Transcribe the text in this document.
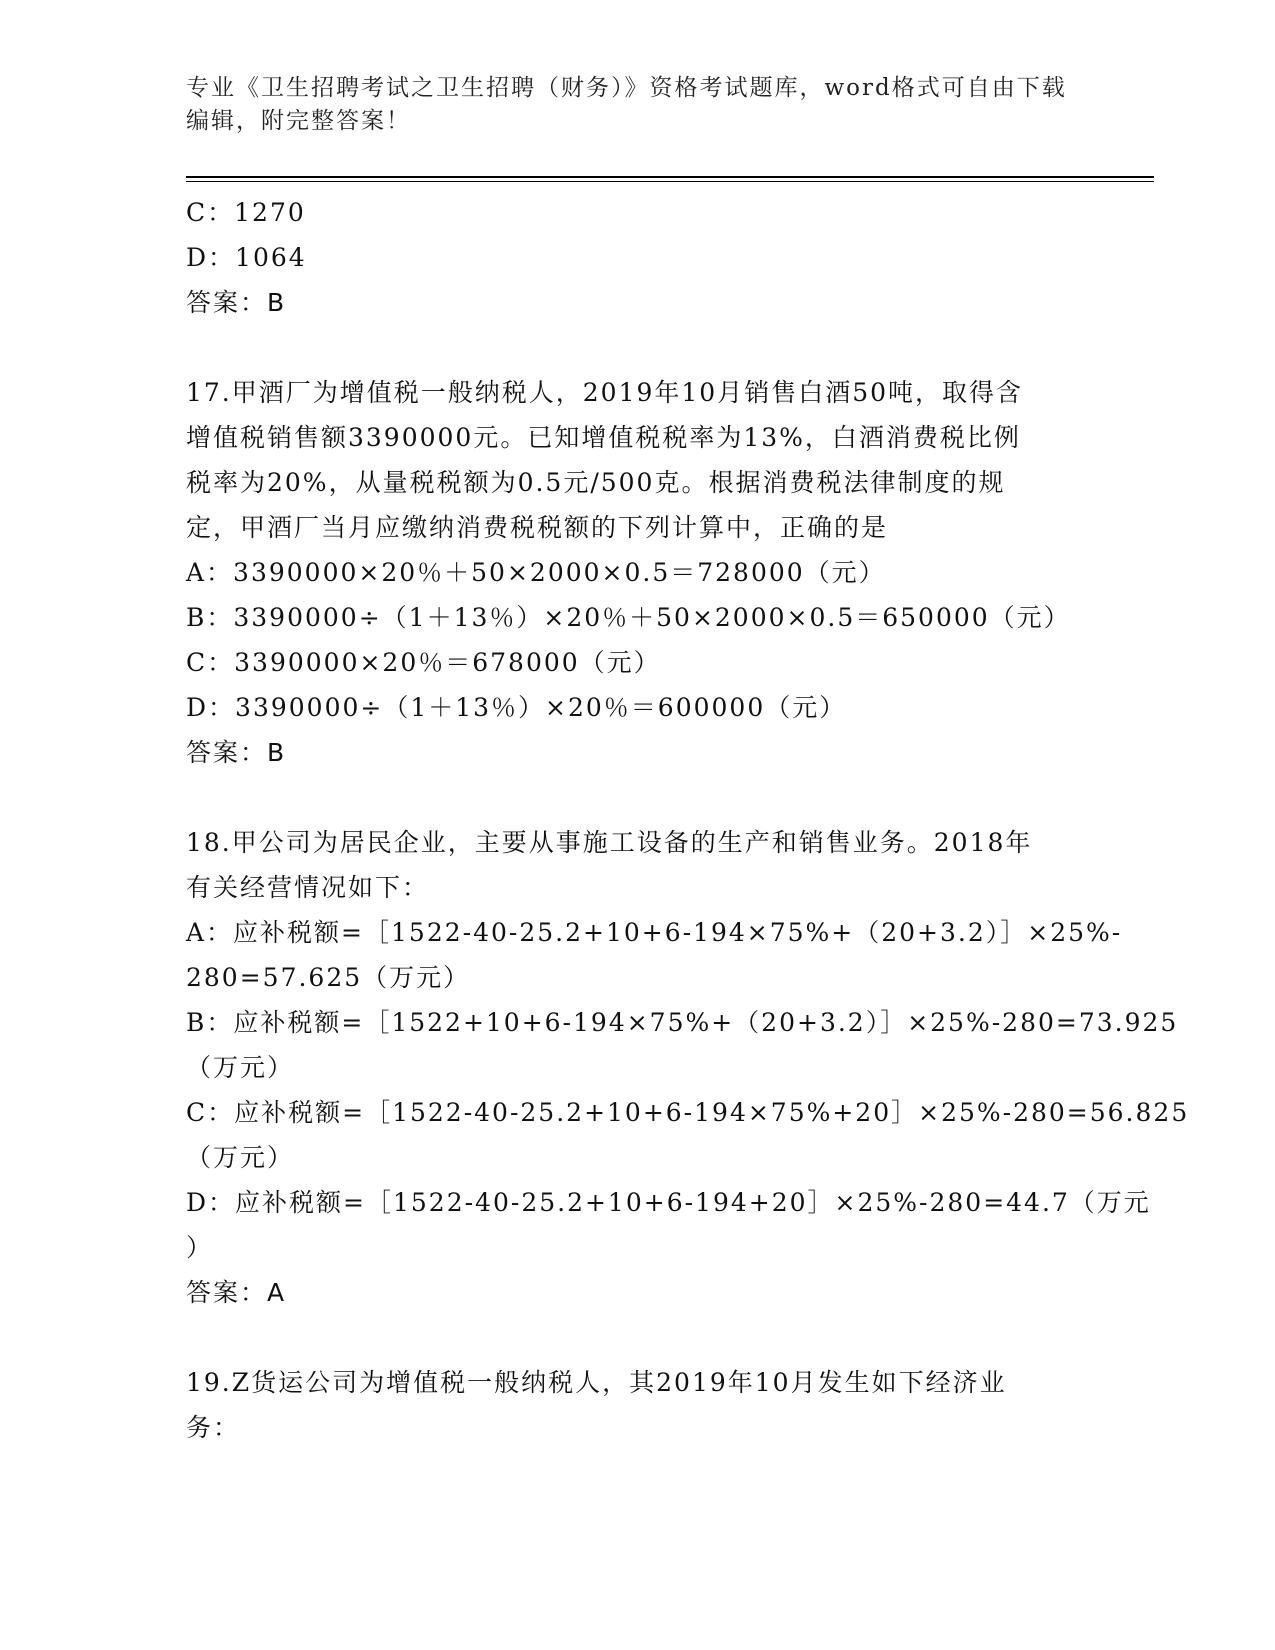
专业《卫生招聘考试之卫生招聘（财务）》资格考试题库，word格式可自由下载
编辑，附完整答案！
C：1270
D：1064
答案：B
17.甲酒厂为增值税一般纳税人，2019年10月销售白酒50吨，取得含
增值税销售额3390000元。已知增值税税率为13%，白酒消费税比例
税率为20%，从量税税额为0.5元/500克。根据消费税法律制度的规
定，甲酒厂当月应缴纳消费税税额的下列计算中，正确的是
A：3390000×20％＋50×2000×0.5＝728000（元）
B：3390000÷（1＋13％）×20％＋50×2000×0.5＝650000（元）
C：3390000×20％＝678000（元）
D：3390000÷（1＋13％）×20％＝600000（元）
答案：B
18.甲公司为居民企业，主要从事施工设备的生产和销售业务。2018年
有关经营情况如下：
A：应补税额=［1522-40-25.2+10+6-194×75%+（20+3.2）］×25%-
280=57.625（万元）
B：应补税额=［1522+10+6-194×75%+（20+3.2）］×25%-280=73.925
（万元）
C：应补税额=［1522-40-25.2+10+6-194×75%+20］×25%-280=56.825
（万元）
D：应补税额=［1522-40-25.2+10+6-194+20］×25%-280=44.7（万元
）
答案：A
19.Z货运公司为增值税一般纳税人，其2019年10月发生如下经济业
务：
